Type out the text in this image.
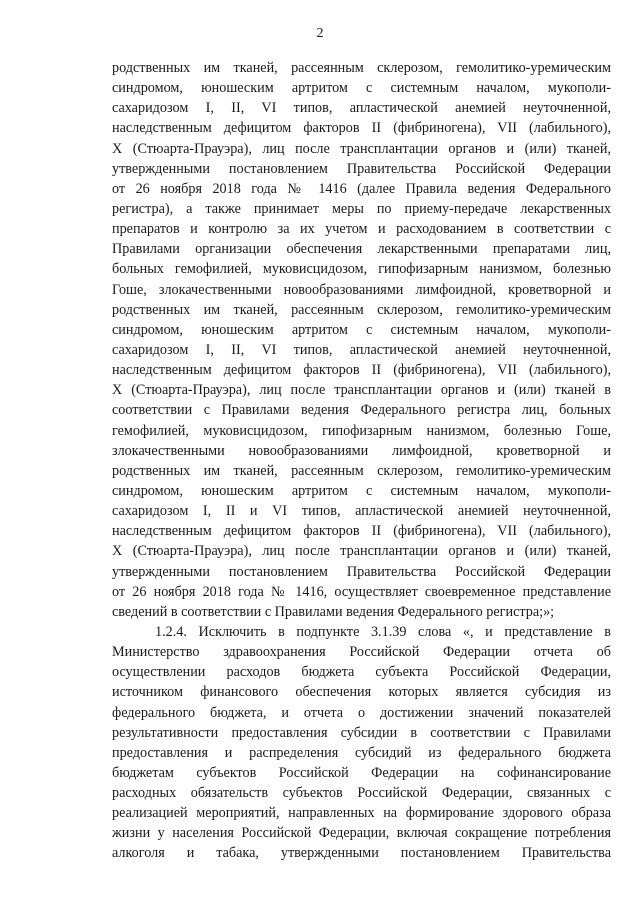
2
родственных им тканей, рассеянным склерозом, гемолитико-уремическим
синдромом, юношеским артритом с системным началом, мукополи-
сахаридозом I, II, VI типов, апластической анемией неуточненной,
наследственным дефицитом факторов II (фибриногена), VII (лабильного),
X (Стюарта-Прауэра), лиц после трансплантации органов и (или) тканей,
утвержденными постановлением Правительства Российской Федерации
от 26 ноября 2018 года № 1416 (далее Правила ведения Федерального
регистра), а также принимает меры по приему-передаче лекарственных
препаратов и контролю за их учетом и расходованием в соответствии с
Правилами организации обеспечения лекарственными препаратами лиц,
больных гемофилией, муковисцидозом, гипофизарным нанизмом, болезнью
Гоше, злокачественными новообразованиями лимфоидной, кроветворной и
родственных им тканей, рассеянным склерозом, гемолитико-уремическим
синдромом, юношеским артритом с системным началом, мукополи-
сахаридозом I, II, VI типов, апластической анемией неуточненной,
наследственным дефицитом факторов II (фибриногена), VII (лабильного),
X (Стюарта-Прауэра), лиц после трансплантации органов и (или) тканей в
соответствии с Правилами ведения Федерального регистра лиц, больных
гемофилией, муковисцидозом, гипофизарным нанизмом, болезнью Гоше,
злокачественными новообразованиями лимфоидной, кроветворной и
родственных им тканей, рассеянным склерозом, гемолитико-уремическим
синдромом, юношеским артритом с системным началом, мукополи-
сахаридозом I, II и VI типов, апластической анемией неуточненной,
наследственным дефицитом факторов II (фибриногена), VII (лабильного),
X (Стюарта-Прауэра), лиц после трансплантации органов и (или) тканей,
утвержденными постановлением Правительства Российской Федерации
от 26 ноября 2018 года № 1416, осуществляет своевременное представление
сведений в соответствии с Правилами ведения Федерального регистра;»;
1.2.4. Исключить в подпункте 3.1.39 слова «, и представление в
Министерство здравоохранения Российской Федерации отчета об
осуществлении расходов бюджета субъекта Российской Федерации,
источником финансового обеспечения которых является субсидия из
федерального бюджета, и отчета о достижении значений показателей
результативности предоставления субсидии в соответствии с Правилами
предоставления и распределения субсидий из федерального бюджета
бюджетам субъектов Российской Федерации на софинансирование
расходных обязательств субъектов Российской Федерации, связанных с
реализацией мероприятий, направленных на формирование здорового образа
жизни у населения Российской Федерации, включая сокращение потребления
алкоголя и табака, утвержденными постановлением Правительства
